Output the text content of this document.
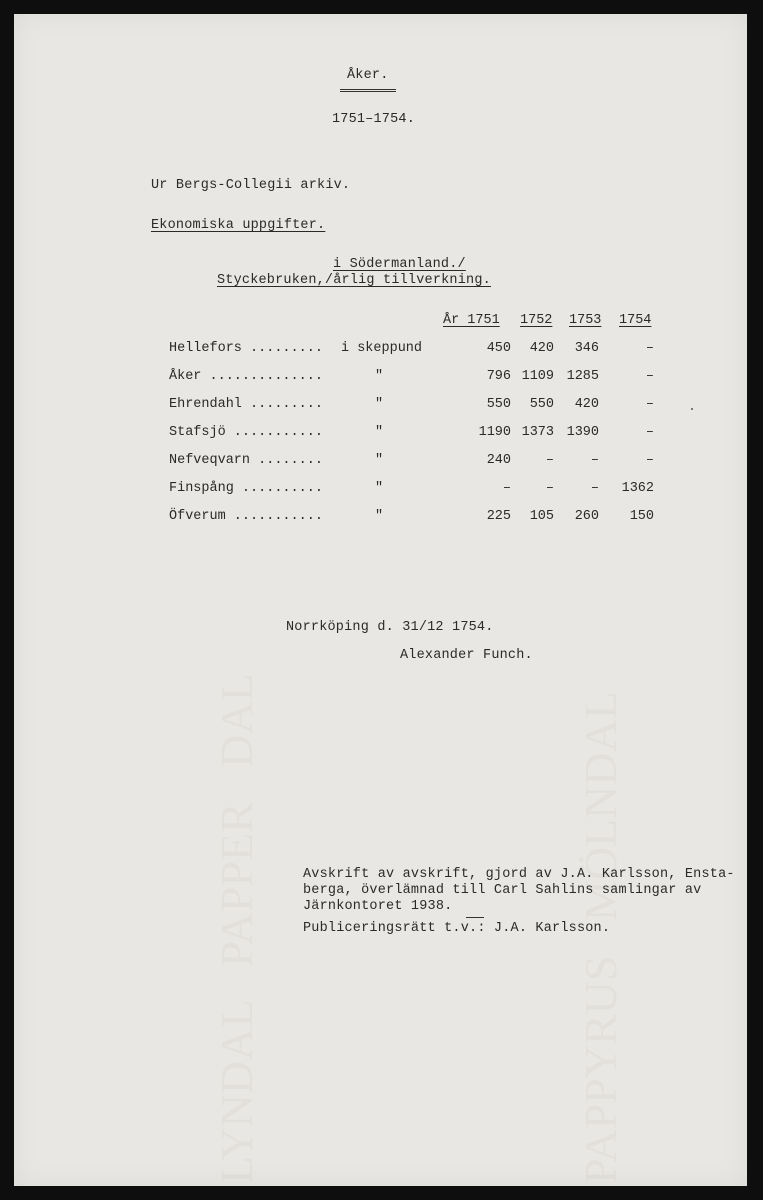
LYNDAL   PAPPER   DAL	PAPPYRUS   MÖLNDAL
Åker.
1751–1754.
Ur Bergs-Collegii arkiv.
Ekonomiska uppgifter.
i Södermanland./
Styckebruken,/årlig tillverkning.
År 1751 1752 1753 1754
Hellefors ......... i skeppund	450	420	346	–
Åker ..............	"	796 1109 1285	–
Ehrendahl .........	"	550	550	420	–
Stafsjö ...........	"	1190 1373 1390	–
Nefveqvarn ........	"	240	–	–	–
Finspång ..........	"	–	–	–	1362
Öfverum ...........	"	225	105	260	150
Norrköping d. 31/12 1754.
Alexander Funch.
Avskrift av avskrift, gjord av J.A. Karlsson, Ensta-
berga, överlämnad till Carl Sahlins samlingar av
Järnkontoret 1938.
Publiceringsrätt t.v.: J.A. Karlsson.
